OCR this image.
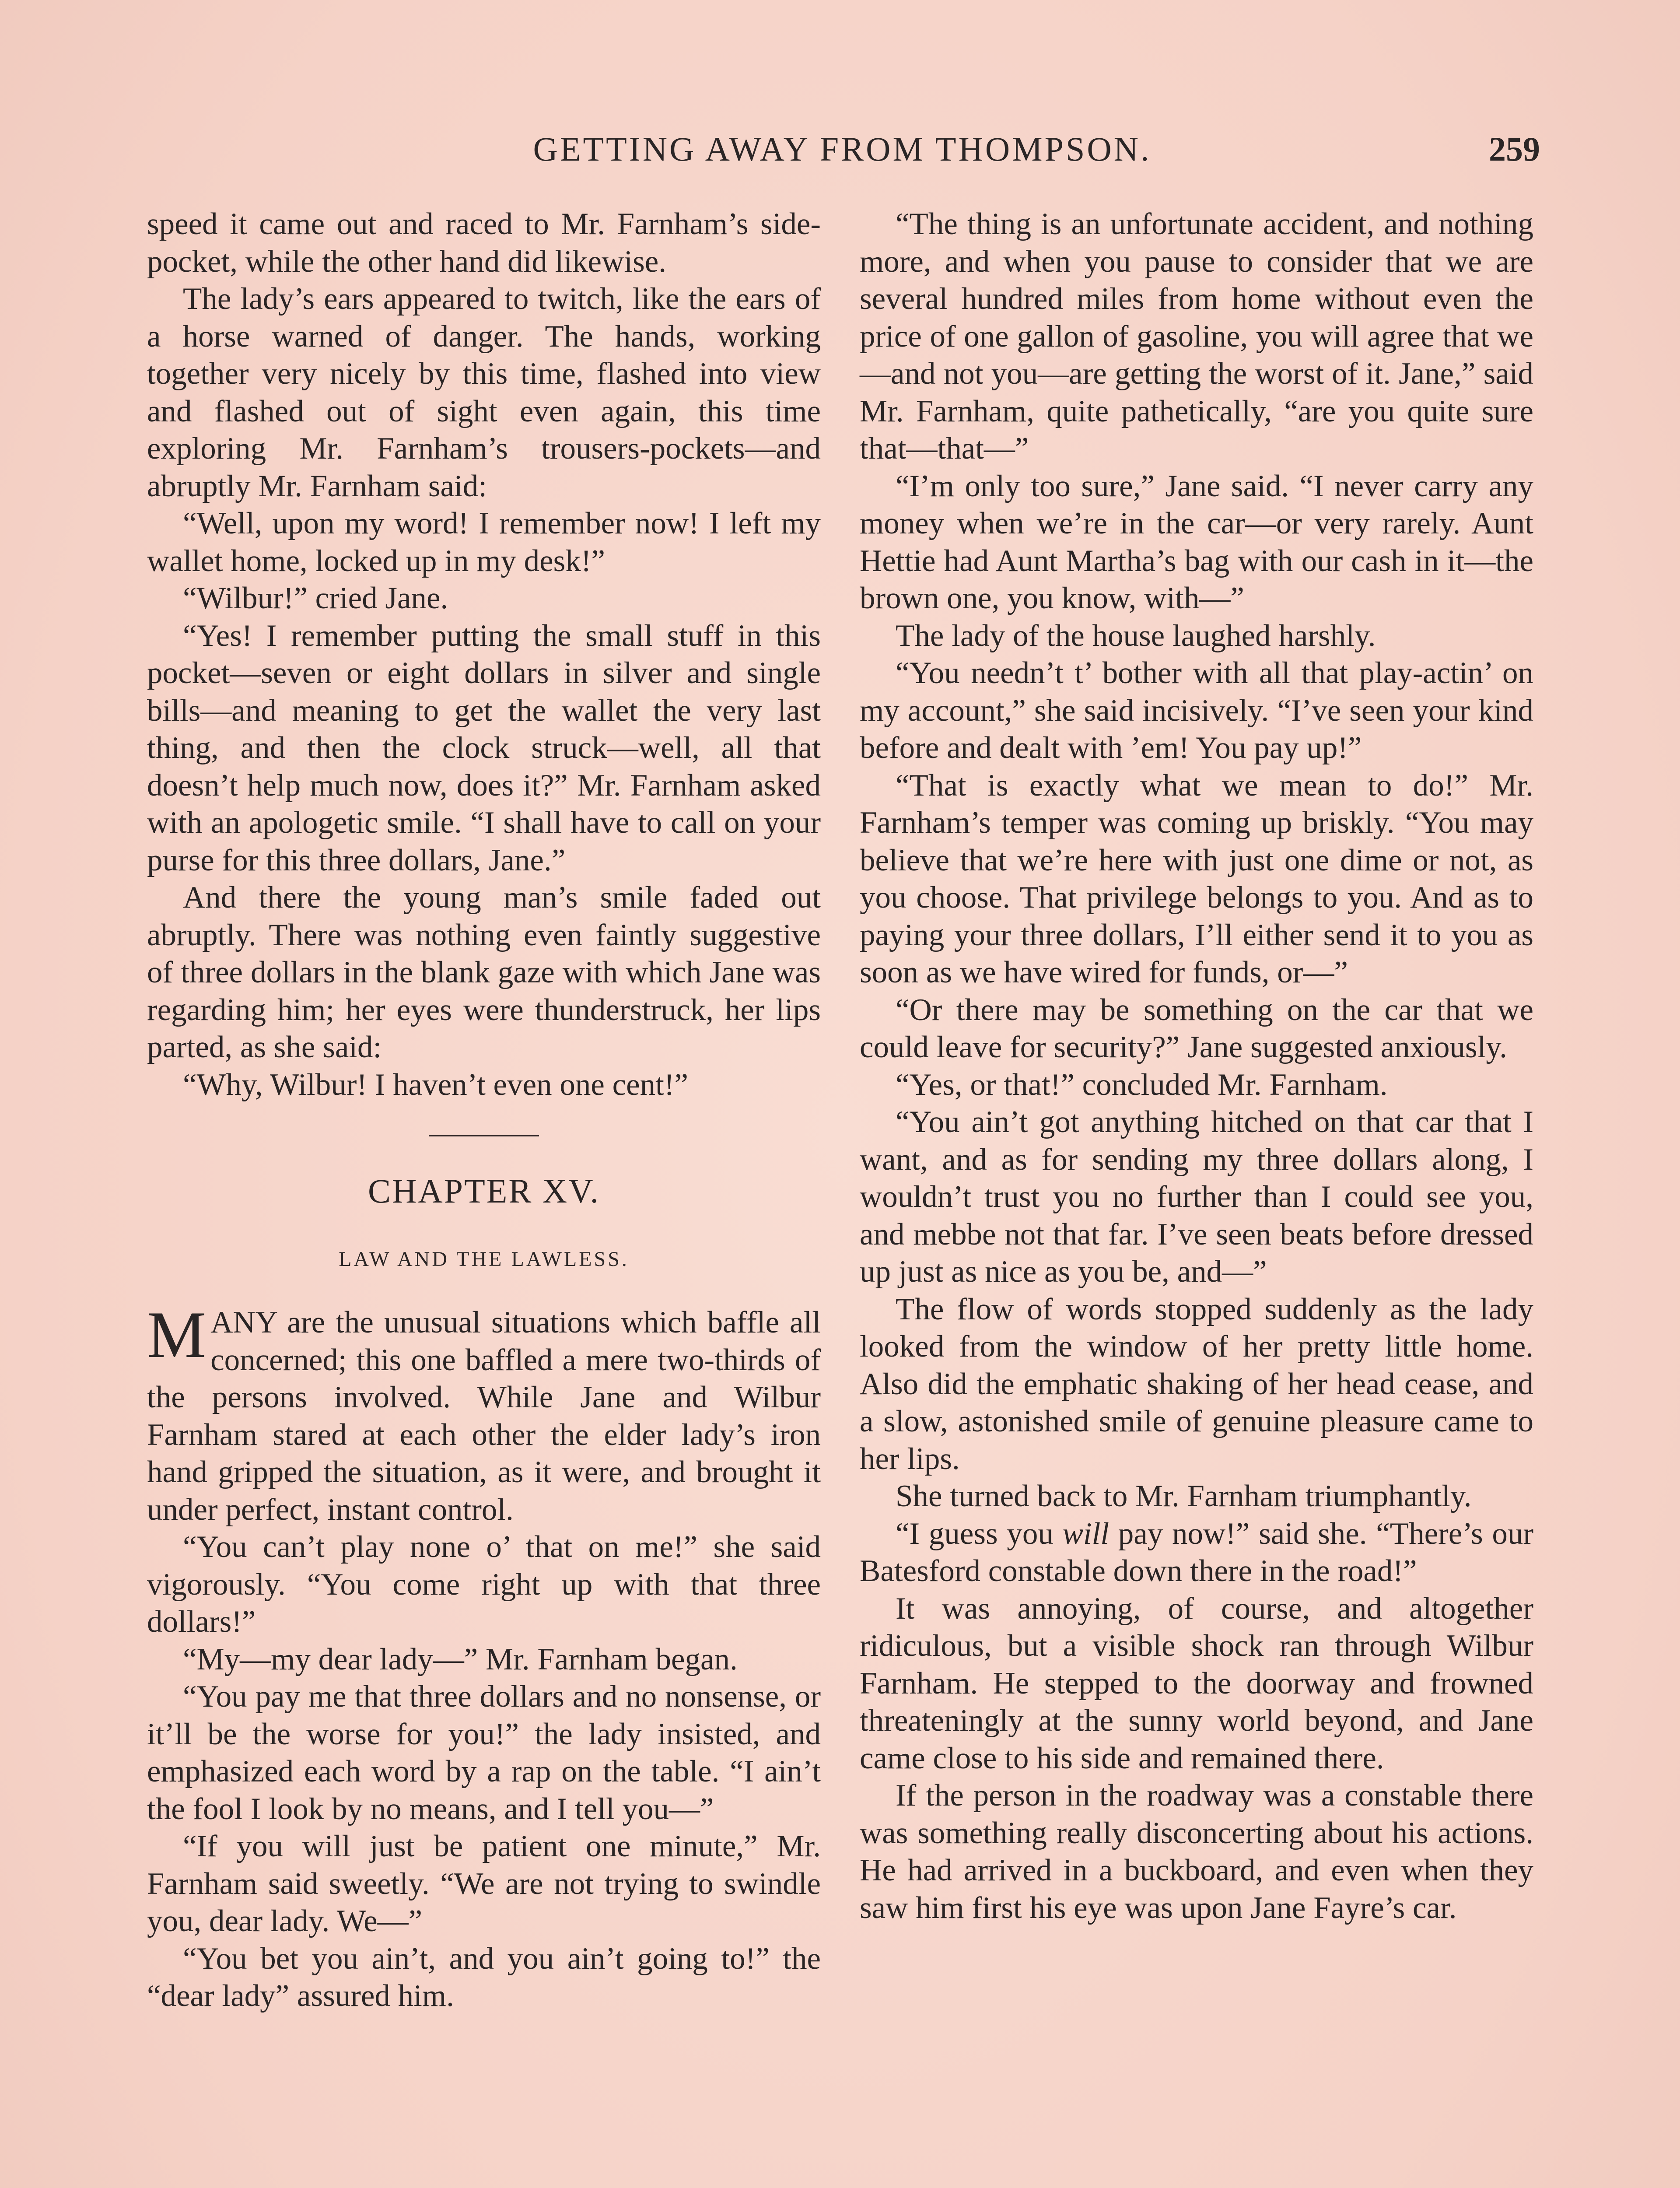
GETTING AWAY FROM THOMPSON.	259

speed it came out and raced to Mr. Farnham’s side-pocket, while the other hand did likewise.

The lady’s ears appeared to twitch, like the ears of a horse warned of danger. The hands, working together very nicely by this time, flashed into view and flashed out of sight even again, this time exploring Mr. Farnham’s trousers-pockets—and abruptly Mr. Farnham said:

“Well, upon my word! I remember now! I left my wallet home, locked up in my desk!”

“Wilbur!” cried Jane.

“Yes! I remember putting the small stuff in this pocket—seven or eight dollars in silver and single bills—and meaning to get the wallet the very last thing, and then the clock struck—well, all that doesn’t help much now, does it?” Mr. Farnham asked with an apologetic smile. “I shall have to call on your purse for this three dollars, Jane.”

And there the young man’s smile faded out abruptly. There was nothing even faintly suggestive of three dollars in the blank gaze with which Jane was regarding him; her eyes were thunderstruck, her lips parted, as she said:

“Why, Wilbur! I haven’t even one cent!”

CHAPTER XV.
LAW AND THE LAWLESS.

MANY are the unusual situations which baffle all concerned; this one baffled a mere two-thirds of the persons involved. While Jane and Wilbur Farnham stared at each other the elder lady’s iron hand gripped the situation, as it were, and brought it under perfect, instant control.

“You can’t play none o’ that on me!” she said vigorously. “You come right up with that three dollars!”

“My—my dear lady—” Mr. Farnham began.

“You pay me that three dollars and no nonsense, or it’ll be the worse for you!” the lady insisted, and emphasized each word by a rap on the table. “I ain’t the fool I look by no means, and I tell you—”

“If you will just be patient one minute,” Mr. Farnham said sweetly. “We are not trying to swindle you, dear lady. We—”

“You bet you ain’t, and you ain’t going to!” the “dear lady” assured him.

“The thing is an unfortunate accident, and nothing more, and when you pause to consider that we are several hundred miles from home without even the price of one gallon of gasoline, you will agree that we—and not you—are getting the worst of it. Jane,” said Mr. Farnham, quite pathetically, “are you quite sure that—that—”

“I’m only too sure,” Jane said. “I never carry any money when we’re in the car—or very rarely. Aunt Hettie had Aunt Martha’s bag with our cash in it—the brown one, you know, with—”

The lady of the house laughed harshly.

“You needn’t t’ bother with all that play-actin’ on my account,” she said incisively. “I’ve seen your kind before and dealt with ’em! You pay up!”

“That is exactly what we mean to do!” Mr. Farnham’s temper was coming up briskly. “You may believe that we’re here with just one dime or not, as you choose. That privilege belongs to you. And as to paying your three dollars, I’ll either send it to you as soon as we have wired for funds, or—”

“Or there may be something on the car that we could leave for security?” Jane suggested anxiously.

“Yes, or that!” concluded Mr. Farnham.

“You ain’t got anything hitched on that car that I want, and as for sending my three dollars along, I wouldn’t trust you no further than I could see you, and mebbe not that far. I’ve seen beats before dressed up just as nice as you be, and—”

The flow of words stopped suddenly as the lady looked from the window of her pretty little home. Also did the emphatic shaking of her head cease, and a slow, astonished smile of genuine pleasure came to her lips.

She turned back to Mr. Farnham triumphantly.

“I guess you will pay now!” said she. “There’s our Batesford constable down there in the road!”

It was annoying, of course, and altogether ridiculous, but a visible shock ran through Wilbur Farnham. He stepped to the doorway and frowned threateningly at the sunny world beyond, and Jane came close to his side and remained there.

If the person in the roadway was a constable there was something really disconcerting about his actions. He had arrived in a buckboard, and even when they saw him first his eye was upon Jane Fayre’s car.
